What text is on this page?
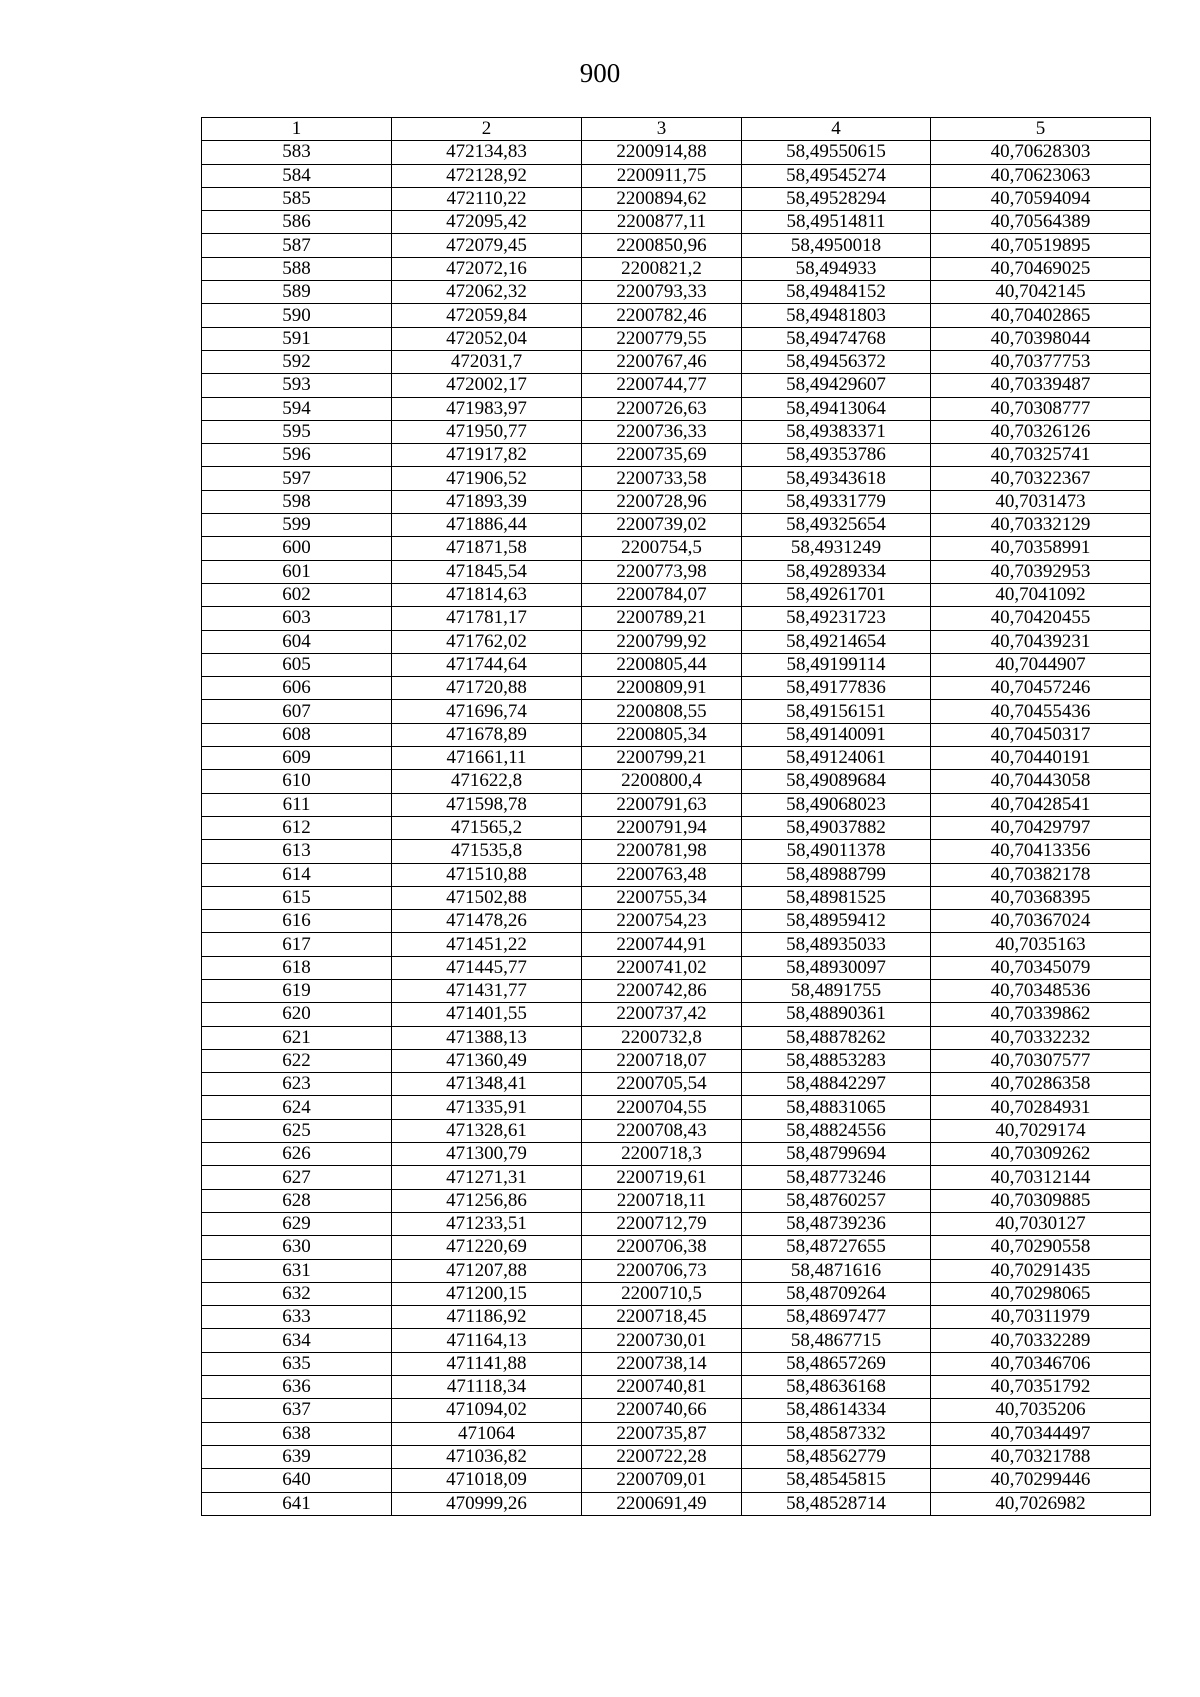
900
1	2	3	4	5
583	472134,83	2200914,88	58,49550615	40,70628303
584	472128,92	2200911,75	58,49545274	40,70623063
585	472110,22	2200894,62	58,49528294	40,70594094
586	472095,42	2200877,11	58,49514811	40,70564389
587	472079,45	2200850,96	58,4950018	40,70519895
588	472072,16	2200821,2	58,494933	40,70469025
589	472062,32	2200793,33	58,49484152	40,7042145
590	472059,84	2200782,46	58,49481803	40,70402865
591	472052,04	2200779,55	58,49474768	40,70398044
592	472031,7	2200767,46	58,49456372	40,70377753
593	472002,17	2200744,77	58,49429607	40,70339487
594	471983,97	2200726,63	58,49413064	40,70308777
595	471950,77	2200736,33	58,49383371	40,70326126
596	471917,82	2200735,69	58,49353786	40,70325741
597	471906,52	2200733,58	58,49343618	40,70322367
598	471893,39	2200728,96	58,49331779	40,7031473
599	471886,44	2200739,02	58,49325654	40,70332129
600	471871,58	2200754,5	58,4931249	40,70358991
601	471845,54	2200773,98	58,49289334	40,70392953
602	471814,63	2200784,07	58,49261701	40,7041092
603	471781,17	2200789,21	58,49231723	40,70420455
604	471762,02	2200799,92	58,49214654	40,70439231
605	471744,64	2200805,44	58,49199114	40,7044907
606	471720,88	2200809,91	58,49177836	40,70457246
607	471696,74	2200808,55	58,49156151	40,70455436
608	471678,89	2200805,34	58,49140091	40,70450317
609	471661,11	2200799,21	58,49124061	40,70440191
610	471622,8	2200800,4	58,49089684	40,70443058
611	471598,78	2200791,63	58,49068023	40,70428541
612	471565,2	2200791,94	58,49037882	40,70429797
613	471535,8	2200781,98	58,49011378	40,70413356
614	471510,88	2200763,48	58,48988799	40,70382178
615	471502,88	2200755,34	58,48981525	40,70368395
616	471478,26	2200754,23	58,48959412	40,70367024
617	471451,22	2200744,91	58,48935033	40,7035163
618	471445,77	2200741,02	58,48930097	40,70345079
619	471431,77	2200742,86	58,4891755	40,70348536
620	471401,55	2200737,42	58,48890361	40,70339862
621	471388,13	2200732,8	58,48878262	40,70332232
622	471360,49	2200718,07	58,48853283	40,70307577
623	471348,41	2200705,54	58,48842297	40,70286358
624	471335,91	2200704,55	58,48831065	40,70284931
625	471328,61	2200708,43	58,48824556	40,7029174
626	471300,79	2200718,3	58,48799694	40,70309262
627	471271,31	2200719,61	58,48773246	40,70312144
628	471256,86	2200718,11	58,48760257	40,70309885
629	471233,51	2200712,79	58,48739236	40,7030127
630	471220,69	2200706,38	58,48727655	40,70290558
631	471207,88	2200706,73	58,4871616	40,70291435
632	471200,15	2200710,5	58,48709264	40,70298065
633	471186,92	2200718,45	58,48697477	40,70311979
634	471164,13	2200730,01	58,4867715	40,70332289
635	471141,88	2200738,14	58,48657269	40,70346706
636	471118,34	2200740,81	58,48636168	40,70351792
637	471094,02	2200740,66	58,48614334	40,7035206
638	471064	2200735,87	58,48587332	40,70344497
639	471036,82	2200722,28	58,48562779	40,70321788
640	471018,09	2200709,01	58,48545815	40,70299446
641	470999,26	2200691,49	58,48528714	40,7026982
